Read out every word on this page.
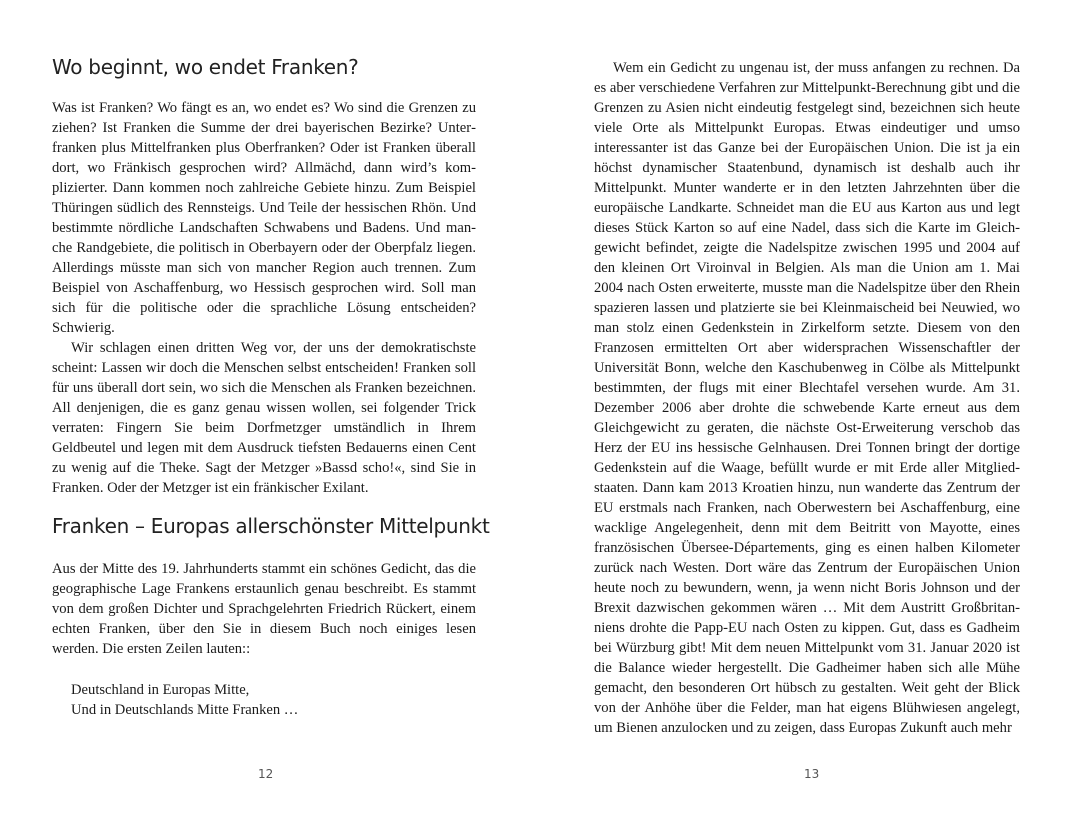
Wo beginnt, wo endet Franken?

Was ist Franken? Wo fängt es an, wo endet es? Wo sind die Grenzen zu ziehen? Ist Franken die Summe der drei bayerischen Bezirke? Unterfranken plus Mittelfranken plus Oberfranken? Oder ist Franken überall dort, wo Fränkisch gesprochen wird? Allmächd, dann wird’s komplizierter. Dann kommen noch zahlreiche Gebiete hinzu. Zum Beispiel Thüringen südlich des Rennsteigs. Und Teile der hessischen Rhön. Und bestimmte nördliche Landschaften Schwabens und Badens. Und manche Randgebiete, die politisch in Oberbayern oder der Oberpfalz liegen. Allerdings müsste man sich von mancher Region auch trennen. Zum Beispiel von Aschaffenburg, wo Hessisch gesprochen wird. Soll man sich für die politische oder die sprachliche Lösung entscheiden? Schwierig.

Wir schlagen einen dritten Weg vor, der uns der demokratischste scheint: Lassen wir doch die Menschen selbst entscheiden! Franken soll für uns überall dort sein, wo sich die Menschen als Franken bezeichnen. All denjenigen, die es ganz genau wissen wollen, sei folgender Trick verraten: Fingern Sie beim Dorfmetzger umständlich in Ihrem Geldbeutel und legen mit dem Ausdruck tiefsten Bedauerns einen Cent zu wenig auf die Theke. Sagt der Metzger »Bassd scho!«, sind Sie in Franken. Oder der Metzger ist ein fränkischer Exilant.

Franken – Europas allerschönster Mittelpunkt

Aus der Mitte des 19. Jahrhunderts stammt ein schönes Gedicht, das die geographische Lage Frankens erstaunlich genau beschreibt. Es stammt von dem großen Dichter und Sprachgelehrten Friedrich Rückert, einem echten Franken, über den Sie in diesem Buch noch einiges lesen werden. Die ersten Zeilen lauten::

Deutschland in Europas Mitte,
Und in Deutschlands Mitte Franken …

Wem ein Gedicht zu ungenau ist, der muss anfangen zu rechnen. Da es aber verschiedene Verfahren zur Mittelpunkt-Berechnung gibt und die Grenzen zu Asien nicht eindeutig festgelegt sind, bezeichnen sich heute viele Orte als Mittelpunkt Europas. Etwas eindeutiger und umso interessanter ist das Ganze bei der Europäischen Union. Die ist ja ein höchst dynamischer Staatenbund, dynamisch ist deshalb auch ihr Mittelpunkt. Munter wanderte er in den letzten Jahrzehnten über die europäische Landkarte. Schneidet man die EU aus Karton aus und legt dieses Stück Karton so auf eine Nadel, dass sich die Karte im Gleichgewicht befindet, zeigte die Nadelspitze zwischen 1995 und 2004 auf den kleinen Ort Viroinval in Belgien. Als man die Union am 1. Mai 2004 nach Osten erweiterte, musste man die Nadelspitze über den Rhein spazieren lassen und platzierte sie bei Kleinmaischeid bei Neuwied, wo man stolz einen Gedenkstein in Zirkelform setzte. Diesem von den Franzosen ermittelten Ort aber widersprachen Wissenschaftler der Universität Bonn, welche den Kaschubenweg in Cölbe als Mittelpunkt bestimmten, der flugs mit einer Blechtafel versehen wurde. Am 31. Dezember 2006 aber drohte die schwebende Karte erneut aus dem Gleichgewicht zu geraten, die nächste Ost-Erweiterung verschob das Herz der EU ins hessische Gelnhausen. Drei Tonnen bringt der dortige Gedenkstein auf die Waage, befüllt wurde er mit Erde aller Mitgliedstaaten. Dann kam 2013 Kroatien hinzu, nun wanderte das Zentrum der EU erstmals nach Franken, nach Oberwestern bei Aschaffenburg, eine wacklige Angelegenheit, denn mit dem Beitritt von Mayotte, eines französischen Übersee-Départements, ging es einen halben Kilometer zurück nach Westen. Dort wäre das Zentrum der Europäischen Union heute noch zu bewundern, wenn, ja wenn nicht Boris Johnson und der Brexit dazwischen gekommen wären … Mit dem Austritt Großbritanniens drohte die Papp-EU nach Osten zu kippen. Gut, dass es Gadheim bei Würzburg gibt! Mit dem neuen Mittelpunkt vom 31. Januar 2020 ist die Balance wieder hergestellt. Die Gadheimer haben sich alle Mühe gemacht, den besonderen Ort hübsch zu gestalten. Weit geht der Blick von der Anhöhe über die Felder, man hat eigens Blühwiesen angelegt, um Bienen anzulocken und zu zeigen, dass Europas Zukunft auch mehr

12	13
